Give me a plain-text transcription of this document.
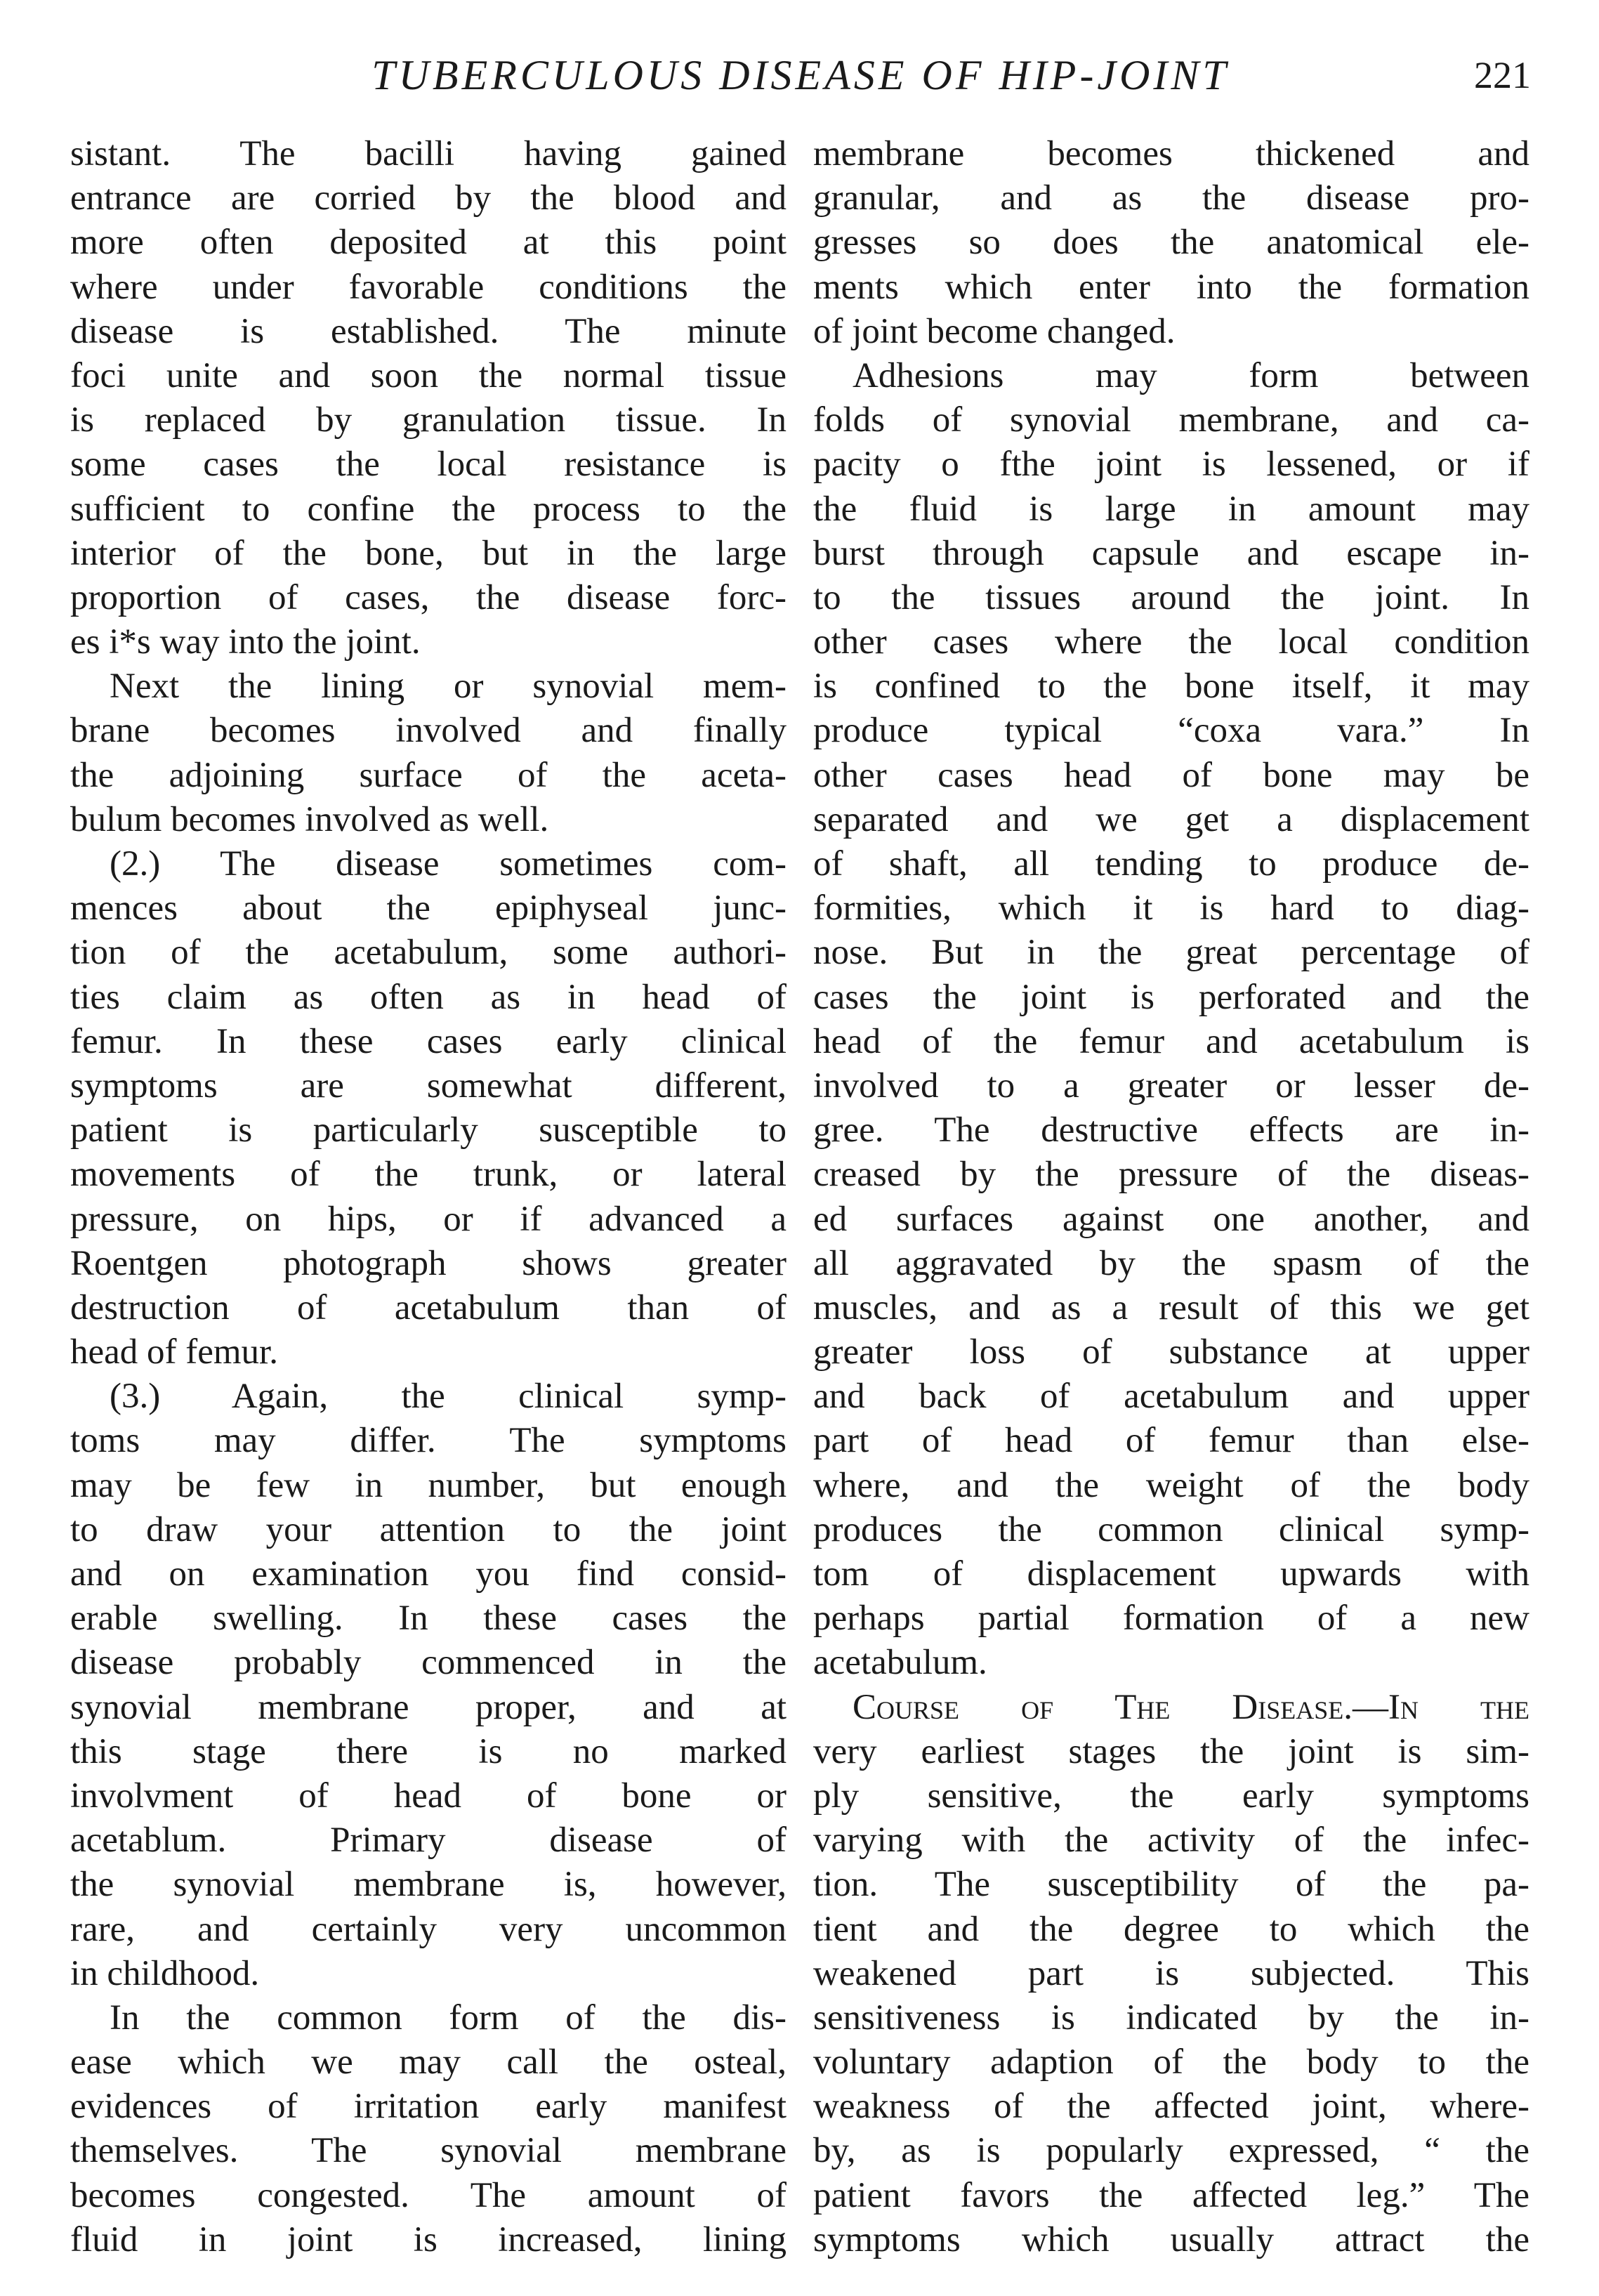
TUBERCULOUS DISEASE OF HIP-JOINT	221
sistant. The bacilli having gained
entrance are corried by the blood and
more often deposited at this point
where under favorable conditions the
disease is established. The minute
foci unite and soon the normal tissue
is replaced by granulation tissue. In
some cases the local resistance is
sufficient to confine the process to the
interior of the bone, but in the large
proportion of cases, the disease forc-
es i*s way into the joint.
Next the lining or synovial mem-
brane becomes involved and finally
the adjoining surface of the aceta-
bulum becomes involved as well.
(2.) The disease sometimes com-
mences about the epiphyseal junc-
tion of the acetabulum, some authori-
ties claim as often as in head of
femur. In these cases early clinical
symptoms are somewhat different,
patient is particularly susceptible to
movements of the trunk, or lateral
pressure, on hips, or if advanced a
Roentgen photograph shows greater
destruction of acetabulum than of
head of femur.
(3.) Again, the clinical symp-
toms may differ. The symptoms
may be few in number, but enough
to draw your attention to the joint
and on examination you find consid-
erable swelling. In these cases the
disease probably commenced in the
synovial membrane proper, and at
this stage there is no marked
involvment of head of bone or
acetablum. Primary disease of
the synovial membrane is, however,
rare, and certainly very uncommon
in childhood.
In the common form of the dis-
ease which we may call the osteal,
evidences of irritation early manifest
themselves. The synovial membrane
becomes congested. The amount of
fluid in joint is increased, lining
membrane becomes thickened and
granular, and as the disease pro-
gresses so does the anatomical ele-
ments which enter into the formation
of joint become changed.
Adhesions may form between
folds of synovial membrane, and ca-
pacity o fthe joint is lessened, or if
the fluid is large in amount may
burst through capsule and escape in-
to the tissues around the joint. In
other cases where the local condition
is confined to the bone itself, it may
produce typical “coxa vara.” In
other cases head of bone may be
separated and we get a displacement
of shaft, all tending to produce de-
formities, which it is hard to diag-
nose. But in the great percentage of
cases the joint is perforated and the
head of the femur and acetabulum is
involved to a greater or lesser de-
gree. The destructive effects are in-
creased by the pressure of the diseas-
ed surfaces against one another, and
all aggravated by the spasm of the
muscles, and as a result of this we get
greater loss of substance at upper
and back of acetabulum and upper
part of head of femur than else-
where, and the weight of the body
produces the common clinical symp-
tom of displacement upwards with
perhaps partial formation of a new
acetabulum.
Course of The Disease.—In the
very earliest stages the joint is sim-
ply sensitive, the early symptoms
varying with the activity of the infec-
tion. The susceptibility of the pa-
tient and the degree to which the
weakened part is subjected. This
sensitiveness is indicated by the in-
voluntary adaption of the body to the
weakness of the affected joint, where-
by, as is popularly expressed, “ the
patient favors the affected leg.” The
symptoms which usually attract the
